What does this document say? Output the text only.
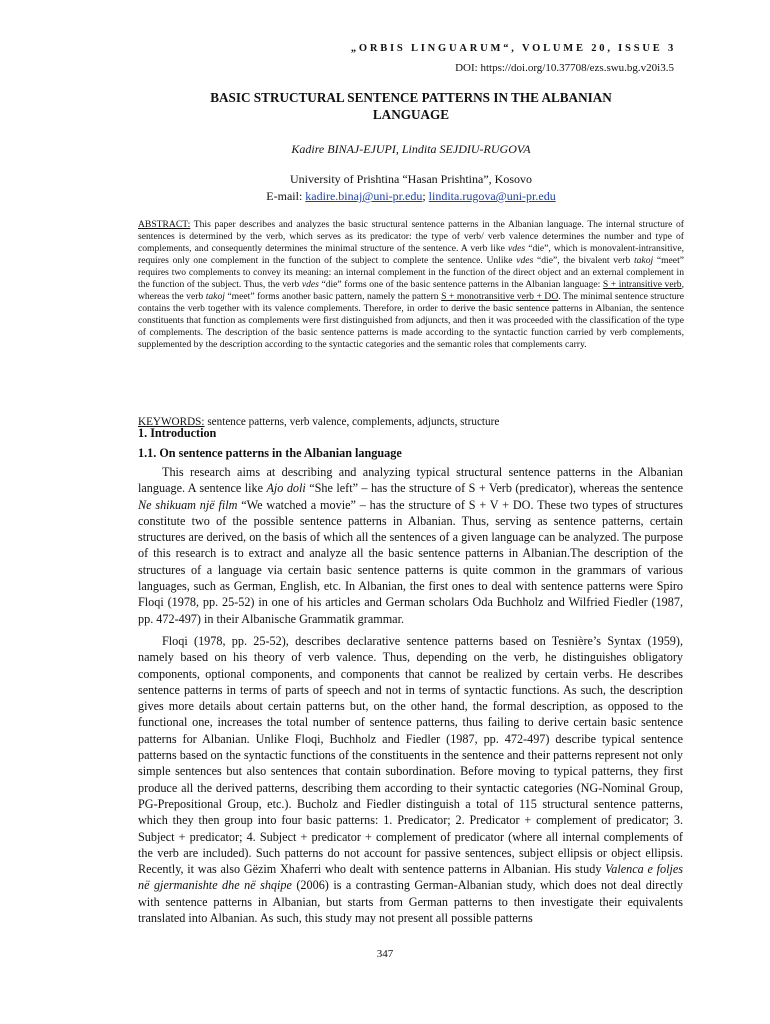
„ORBIS LINGUARUM“, VOLUME 20, ISSUE 3
DOI: https://doi.org/10.37708/ezs.swu.bg.v20i3.5
BASIC STRUCTURAL SENTENCE PATTERNS IN THE ALBANIAN
LANGUAGE
Kadire BINAJ-EJUPI, Lindita SEJDIU-RUGOVA
University of Prishtina “Hasan Prishtina”, Kosovo
E-mail: kadire.binaj@uni-pr.edu; lindita.rugova@uni-pr.edu
ABSTRACT: This paper describes and analyzes the basic structural sentence patterns in the Albanian language. The internal structure of sentences is determined by the verb, which serves as its predicator: the type of verb/ verb valence determines the number and type of complements, and consequently determines the minimal structure of the sentence. A verb like vdes “die”, which is monovalent-intransitive, requires only one complement in the function of the subject to complete the sentence. Unlike vdes “die”, the bivalent verb takoj “meet” requires two complements to convey its meaning: an internal complement in the function of the direct object and an external complement in the function of the subject. Thus, the verb vdes “die” forms one of the basic sentence patterns in the Albanian language: S + intransitive verb, whereas the verb takoj “meet” forms another basic pattern, namely the pattern S + monotransitive verb + DO. The minimal sentence structure contains the verb together with its valence complements. Therefore, in order to derive the basic sentence patterns in Albanian, the sentence constituents that function as complements were first distinguished from adjuncts, and then it was proceeded with the classification of the type of complements. The description of the basic sentence patterns is made according to the syntactic function carried by verb complements, supplemented by the description according to the syntactic categories and the semantic roles that complements carry.
KEYWORDS: sentence patterns, verb valence, complements, adjuncts, structure
1. Introduction
1.1. On sentence patterns in the Albanian language

This research aims at describing and analyzing typical structural sentence patterns in the Albanian language. A sentence like Ajo doli “She left” – has the structure of S + Verb (predicator), whereas the sentence Ne shikuam një film “We watched a movie” – has the structure of S + V + DO. These two types of structures constitute two of the possible sentence patterns in Albanian. Thus, serving as sentence patterns, certain structures are derived, on the basis of which all the sentences of a given language can be analyzed. The purpose of this research is to extract and analyze all the basic sentence patterns in Albanian.The description of the structures of a language via certain basic sentence patterns is quite common in the grammars of various languages, such as German, English, etc. In Albanian, the first ones to deal with sentence patterns were Spiro Floqi (1978, pp. 25-52) in one of his articles and German scholars Oda Buchholz and Wilfried Fiedler (1987, pp. 472-497) in their Albanische Grammatik grammar.

Floqi (1978, pp. 25-52), describes declarative sentence patterns based on Tesnière’s Syntax (1959), namely based on his theory of verb valence. Thus, depending on the verb, he distinguishes obligatory components, optional components, and components that cannot be realized by certain verbs. He describes sentence patterns in terms of parts of speech and not in terms of syntactic functions. As such, the description gives more details about certain patterns but, on the other hand, the formal description, as opposed to the functional one, increases the total number of sentence patterns, thus failing to derive certain basic sentence patterns for Albanian. Unlike Floqi, Buchholz and Fiedler (1987, pp. 472-497) describe typical sentence patterns based on the syntactic functions of the constituents in the sentence and their patterns represent not only simple sentences but also sentences that contain subordination. Before moving to typical patterns, they first produce all the derived patterns, describing them according to their syntactic categories (NG-Nominal Group, PG-Prepositional Group, etc.). Bucholz and Fiedler distinguish a total of 115 structural sentence patterns, which they then group into four basic patterns: 1. Predicator; 2. Predicator + complement of predicator; 3. Subject + predicator; 4. Subject + predicator + complement of predicator (where all internal complements of the verb are included). Such patterns do not account for passive sentences, subject ellipsis or object ellipsis. Recently, it was also Gëzim Xhaferri who dealt with sentence patterns in Albanian. His study Valenca e foljes në gjermanishte dhe në shqipe (2006) is a contrasting German-Albanian study, which does not deal directly with sentence patterns in Albanian, but starts from German patterns to then investigate their equivalents translated into Albanian. As such, this study may not present all possible patterns

347
